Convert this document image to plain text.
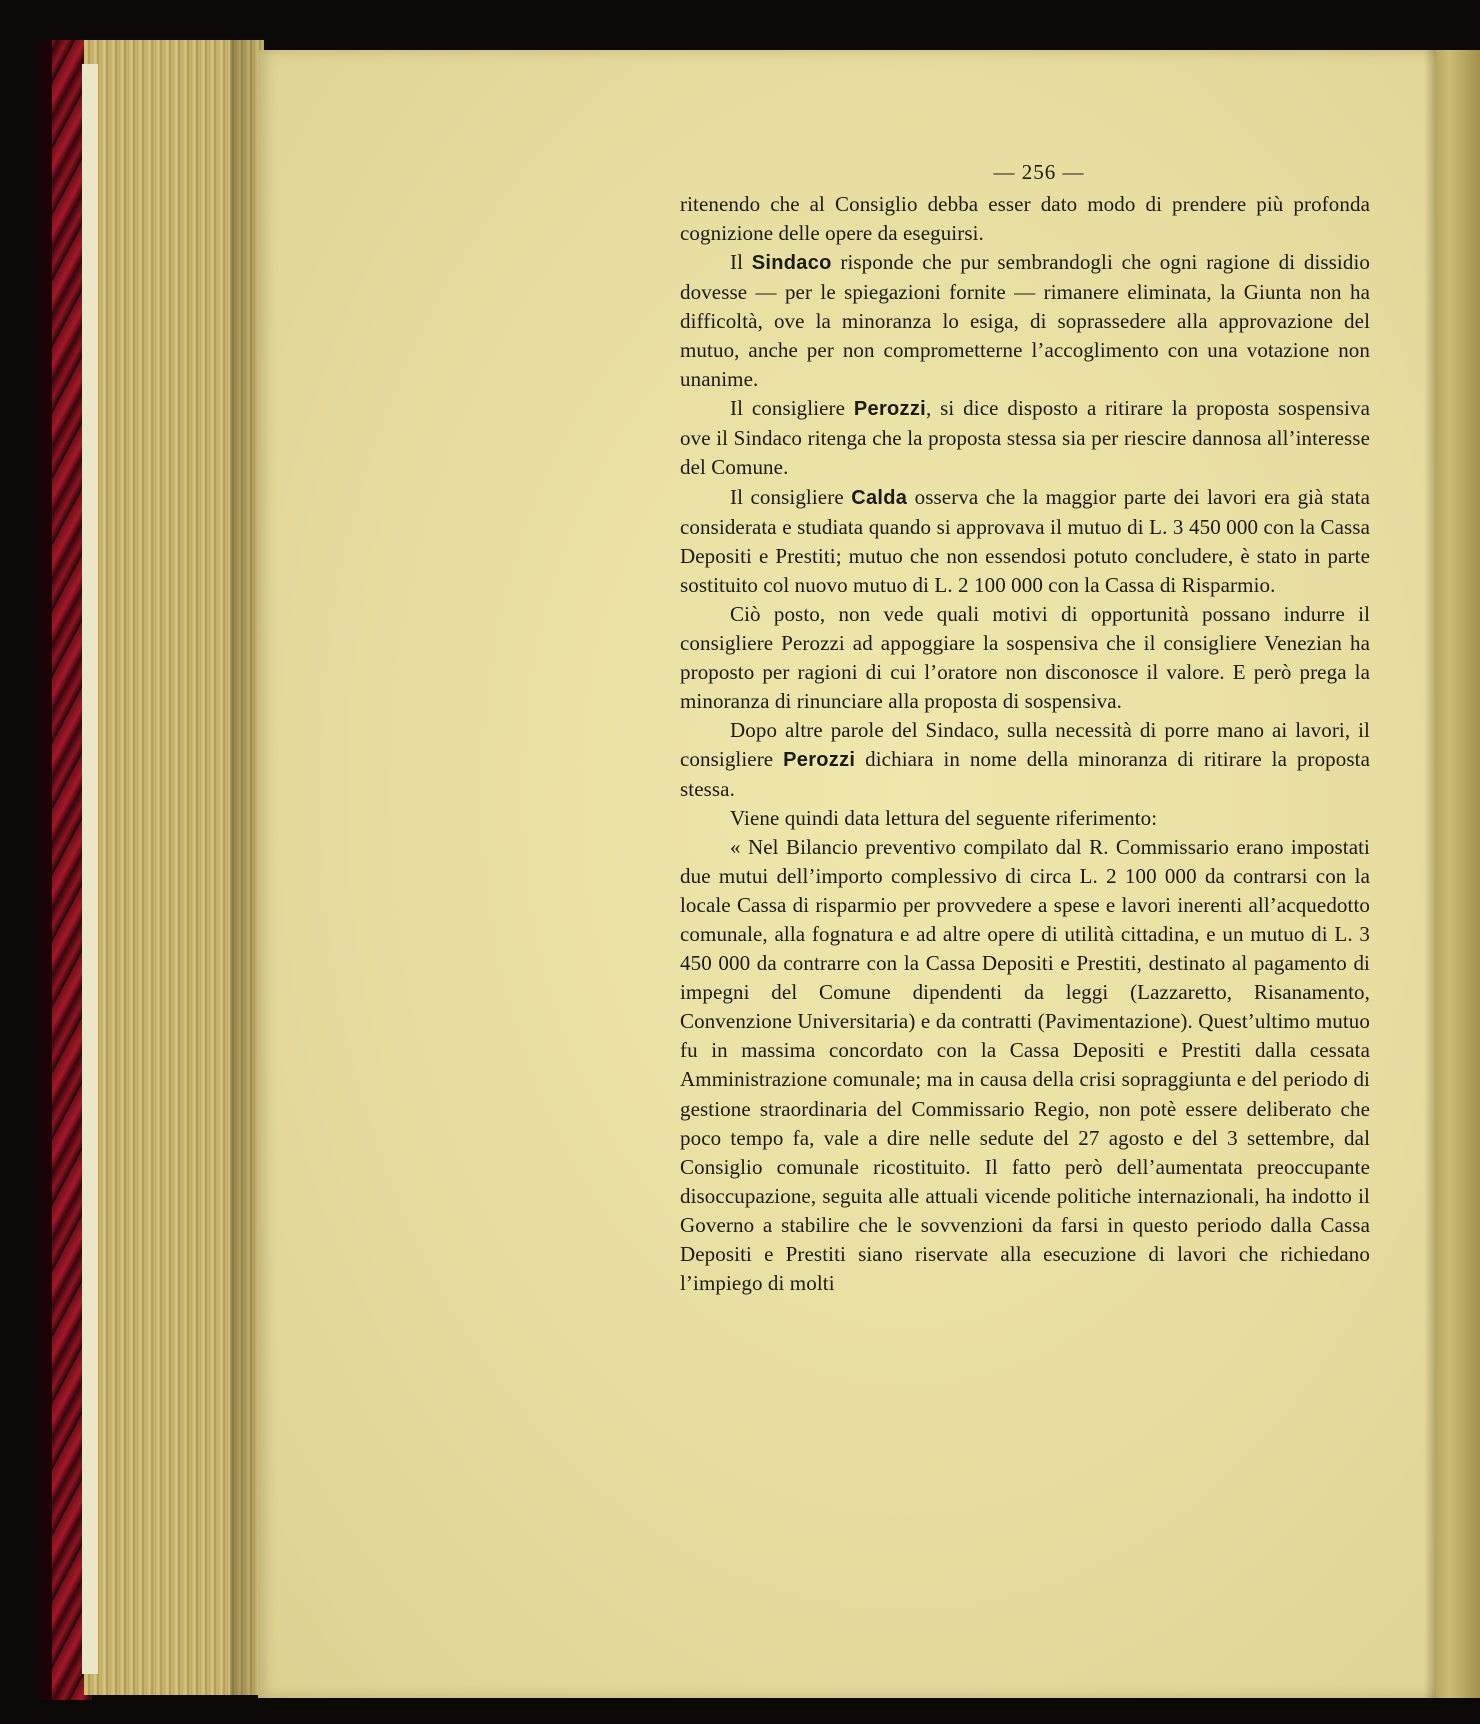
— 256 —

ritenendo che al Consiglio debba esser dato modo di prendere più profonda cognizione delle opere da eseguirsi.

Il Sindaco risponde che pur sembrandogli che ogni ragione di dissidio dovesse — per le spiegazioni fornite — rimanere eliminata, la Giunta non ha difficoltà, ove la minoranza lo esiga, di soprassedere alla approvazione del mutuo, anche per non comprometterne l’accoglimento con una votazione non unanime.

Il consigliere Perozzi, si dice disposto a ritirare la proposta sospensiva ove il Sindaco ritenga che la proposta stessa sia per riescire dannosa all’interesse del Comune.

Il consigliere Calda osserva che la maggior parte dei lavori era già stata considerata e studiata quando si approvava il mutuo di L. 3 450 000 con la Cassa Depositi e Prestiti; mutuo che non essendosi potuto concludere, è stato in parte sostituito col nuovo mutuo di L. 2 100 000 con la Cassa di Risparmio.

Ciò posto, non vede quali motivi di opportunità possano indurre il consigliere Perozzi ad appoggiare la sospensiva che il consigliere Venezian ha proposto per ragioni di cui l’oratore non disconosce il valore. E però prega la minoranza di rinunciare alla proposta di sospensiva.

Dopo altre parole del Sindaco, sulla necessità di porre mano ai lavori, il consigliere Perozzi dichiara in nome della minoranza di ritirare la proposta stessa.

Viene quindi data lettura del seguente riferimento:

« Nel Bilancio preventivo compilato dal R. Commissario erano impostati due mutui dell’importo complessivo di circa L. 2 100 000 da contrarsi con la locale Cassa di risparmio per provvedere a spese e lavori inerenti all’acquedotto comunale, alla fognatura e ad altre opere di utilità cittadina, e un mutuo di L. 3 450 000 da contrarre con la Cassa Depositi e Prestiti, destinato al pagamento di impegni del Comune dipendenti da leggi (Lazzaretto, Risanamento, Convenzione Universitaria) e da contratti (Pavimentazione). Quest’ultimo mutuo fu in massima concordato con la Cassa Depositi e Prestiti dalla cessata Amministrazione comunale; ma in causa della crisi sopraggiunta e del periodo di gestione straordinaria del Commissario Regio, non potè essere deliberato che poco tempo fa, vale a dire nelle sedute del 27 agosto e del 3 settembre, dal Consiglio comunale ricostituito. Il fatto però dell’aumentata preoccupante disoccupazione, seguita alle attuali vicende politiche internazionali, ha indotto il Governo a stabilire che le sovvenzioni da farsi in questo periodo dalla Cassa Depositi e Prestiti siano riservate alla esecuzione di lavori che richiedano l’impiego di molti
